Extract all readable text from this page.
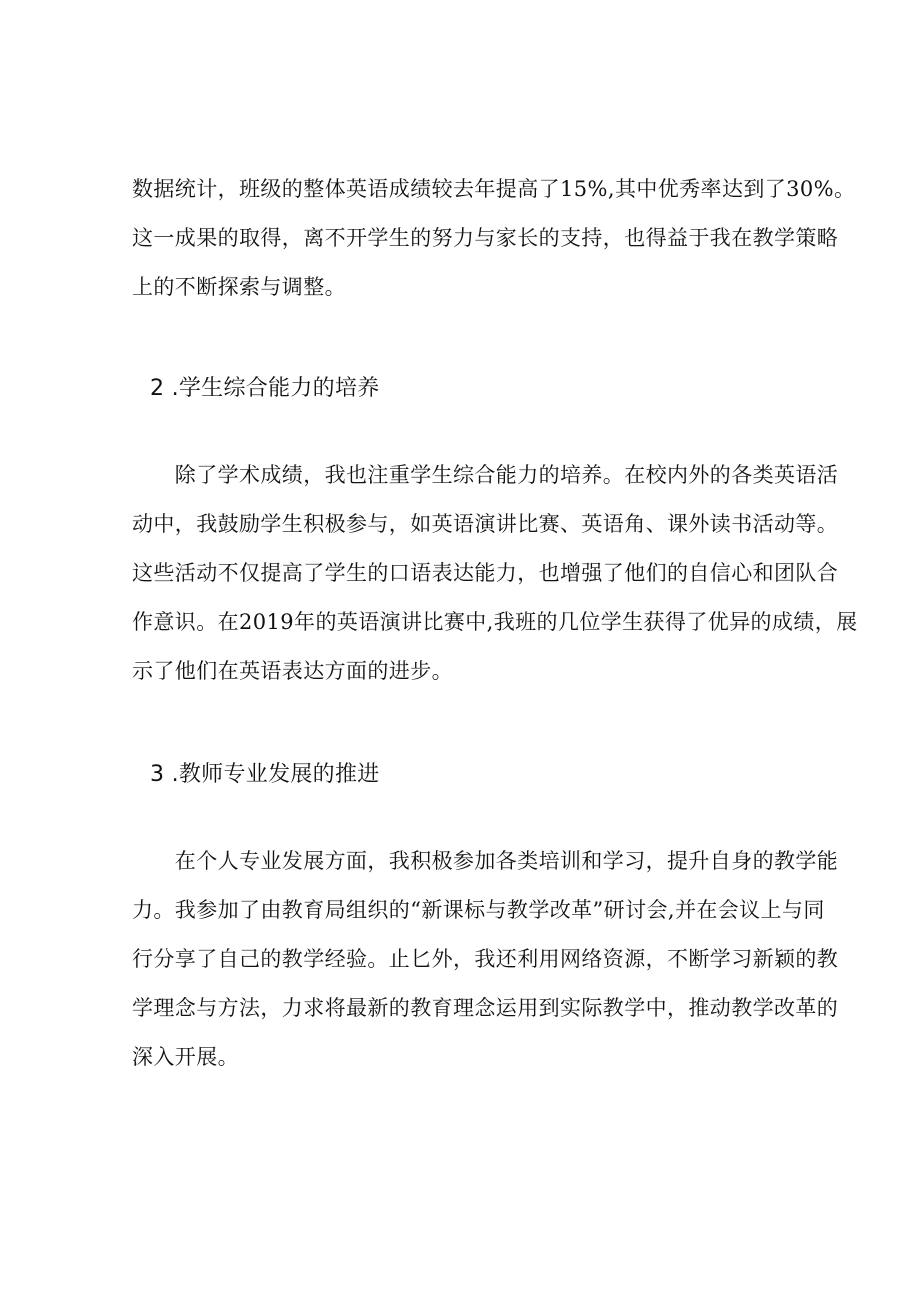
数据统计，班级的整体英语成绩较去年提高了15%,其中优秀率达到了30%。
这一成果的取得，离不开学生的努力与家长的支持，也得益于我在教学策略
上的不断探索与调整。

2 .学生综合能力的培养

　　除了学术成绩，我也注重学生综合能力的培养。在校内外的各类英语活
动中，我鼓励学生积极参与，如英语演讲比赛、英语角、课外读书活动等。
这些活动不仅提高了学生的口语表达能力，也增强了他们的自信心和团队合
作意识。在2019年的英语演讲比赛中,我班的几位学生获得了优异的成绩，展
示了他们在英语表达方面的进步。

3 .教师专业发展的推进

　　在个人专业发展方面，我积极参加各类培训和学习，提升自身的教学能
力。我参加了由教育局组织的“新课标与教学改革”研讨会,并在会议上与同
行分享了自己的教学经验。止匕外，我还利用网络资源，不断学习新颖的教
学理念与方法，力求将最新的教育理念运用到实际教学中，推动教学改革的
深入开展。
